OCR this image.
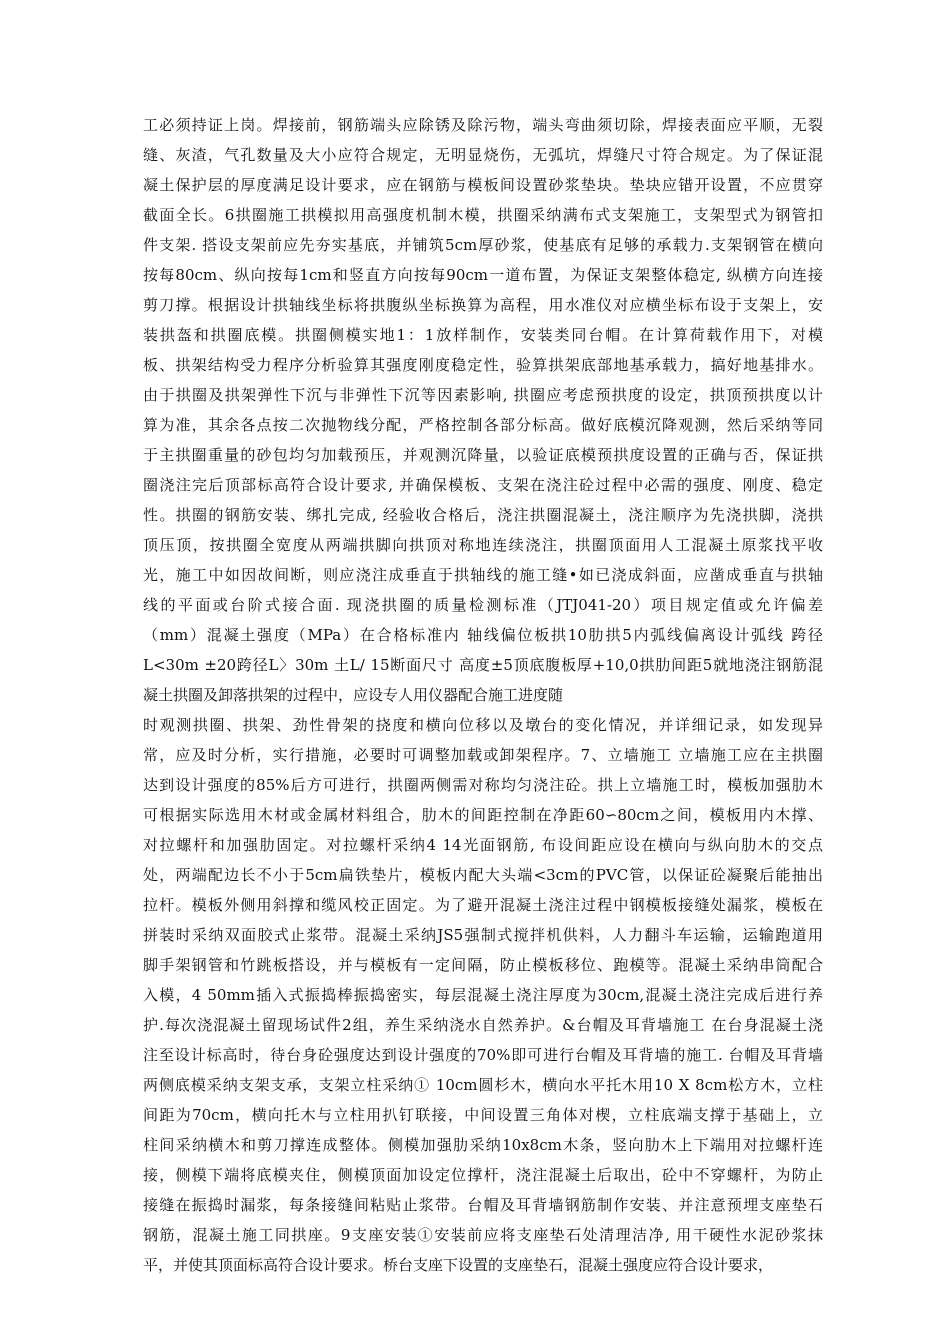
工必须持证上岗。焊接前，钢筋端头应除锈及除污物，端头弯曲须切除，焊接表面应平顺，无裂
缝、灰渣，气孔数量及大小应符合规定，无明显烧伤，无弧坑，焊缝尺寸符合规定。为了保证混
凝土保护层的厚度满足设计要求，应在钢筋与模板间设置砂浆垫块。垫块应错开设置，不应贯穿
截面全长。6拱圈施工拱模拟用高强度机制木模，拱圈采纳满布式支架施工，支架型式为钢管扣
件支架. 搭设支架前应先夯实基底，并铺筑5cm厚砂浆，使基底有足够的承载力.支架钢管在横向
按每80cm、纵向按每1cm和竖直方向按每90cm一道布置，为保证支架整体稳定, 纵横方向连接
剪刀撑。根据设计拱轴线坐标将拱腹纵坐标换算为高程，用水准仪对应横坐标布设于支架上，安
装拱盔和拱圈底模。拱圈侧模实地1：1放样制作，安装类同台帽。在计算荷载作用下，对模
板、拱架结构受力程序分析验算其强度刚度稳定性，验算拱架底部地基承载力，搞好地基排水。
由于拱圈及拱架弹性下沉与非弹性下沉等因素影响, 拱圈应考虑预拱度的设定，拱顶预拱度以计
算为准，其余各点按二次抛物线分配，严格控制各部分标高。做好底模沉降观测，然后采纳等同
于主拱圈重量的砂包均匀加载预压，并观测沉降量，以验证底模预拱度设置的正确与否，保证拱
圈浇注完后顶部标高符合设计要求, 并确保模板、支架在浇注砼过程中必需的强度、刚度、稳定
性。拱圈的钢筋安装、绑扎完成, 经验收合格后，浇注拱圈混凝土，浇注顺序为先浇拱脚，浇拱
顶压顶，按拱圈全宽度从两端拱脚向拱顶对称地连续浇注，拱圈顶面用人工混凝土原浆找平收
光，施工中如因故间断，则应浇注成垂直于拱轴线的施工缝•如已浇成斜面，应凿成垂直与拱轴
线的平面或台阶式接合面. 现浇拱圈的质量检测标准（JTJ041-20）项目规定值或允许偏差
（mm）混凝土强度（MPa）在合格标准内 轴线偏位板拱10肋拱5内弧线偏离设计弧线 跨径
L<30m ±20跨径L〉30m 土L/ 15断面尺寸 高度±5顶底腹板厚+10,0拱肋间距5就地浇注钢筋混
凝土拱圈及卸落拱架的过程中，应设专人用仪器配合施工进度随
时观测拱圈、拱架、劲性骨架的挠度和横向位移以及墩台的变化情况，并详细记录，如发现异
常，应及时分析，实行措施，必要时可调整加载或卸架程序。7、立墙施工 立墙施工应在主拱圈
达到设计强度的85%后方可进行，拱圈两侧需对称均匀浇注砼。拱上立墙施工时，模板加强肋木
可根据实际选用木材或金属材料组合，肋木的间距控制在净距60∽80cm之间，模板用内木撑、
对拉螺杆和加强肋固定。对拉螺杆采纳4 14光面钢筋, 布设间距应设在横向与纵向肋木的交点
处，两端配边长不小于5cm扁铁垫片，模板内配大头端<3cm的PVC管，以保证砼凝聚后能抽出
拉杆。模板外侧用斜撑和缆风校正固定。为了避开混凝土浇注过程中钢模板接缝处漏浆，模板在
拼装时采纳双面胶式止浆带。混凝土采纳JS5强制式搅拌机供料，人力翻斗车运输，运输跑道用
脚手架钢管和竹跳板搭设，并与模板有一定间隔，防止模板移位、跑模等。混凝土采纳串筒配合
入模，4 50mm插入式振捣棒振捣密实，每层混凝土浇注厚度为30cm,混凝土浇注完成后进行养
护.每次浇混凝土留现场试件2组，养生采纳浇水自然养护。&台帽及耳背墙施工 在台身混凝土浇
注至设计标高时，待台身砼强度达到设计强度的70%即可进行台帽及耳背墙的施工. 台帽及耳背墙
两侧底模采纳支架支承，支架立柱采纳① 10cm圆杉木，横向水平托木用10 X 8cm松方木，立柱
间距为70cm，横向托木与立柱用扒钉联接，中间设置三角体对楔，立柱底端支撑于基础上，立
柱间采纳横木和剪刀撑连成整体。侧模加强肋采纳10x8cm木条，竖向肋木上下端用对拉螺杆连
接，侧模下端将底模夹住，侧模顶面加设定位撑杆，浇注混凝土后取出，砼中不穿螺杆，为防止
接缝在振捣时漏浆，每条接缝间粘贴止浆带。台帽及耳背墙钢筋制作安装、并注意预埋支座垫石
钢筋，混凝土施工同拱座。9支座安装①安装前应将支座垫石处清理洁净, 用干硬性水泥砂浆抹
平，并使其顶面标高符合设计要求。桥台支座下设置的支座垫石，混凝土强度应符合设计要求，
